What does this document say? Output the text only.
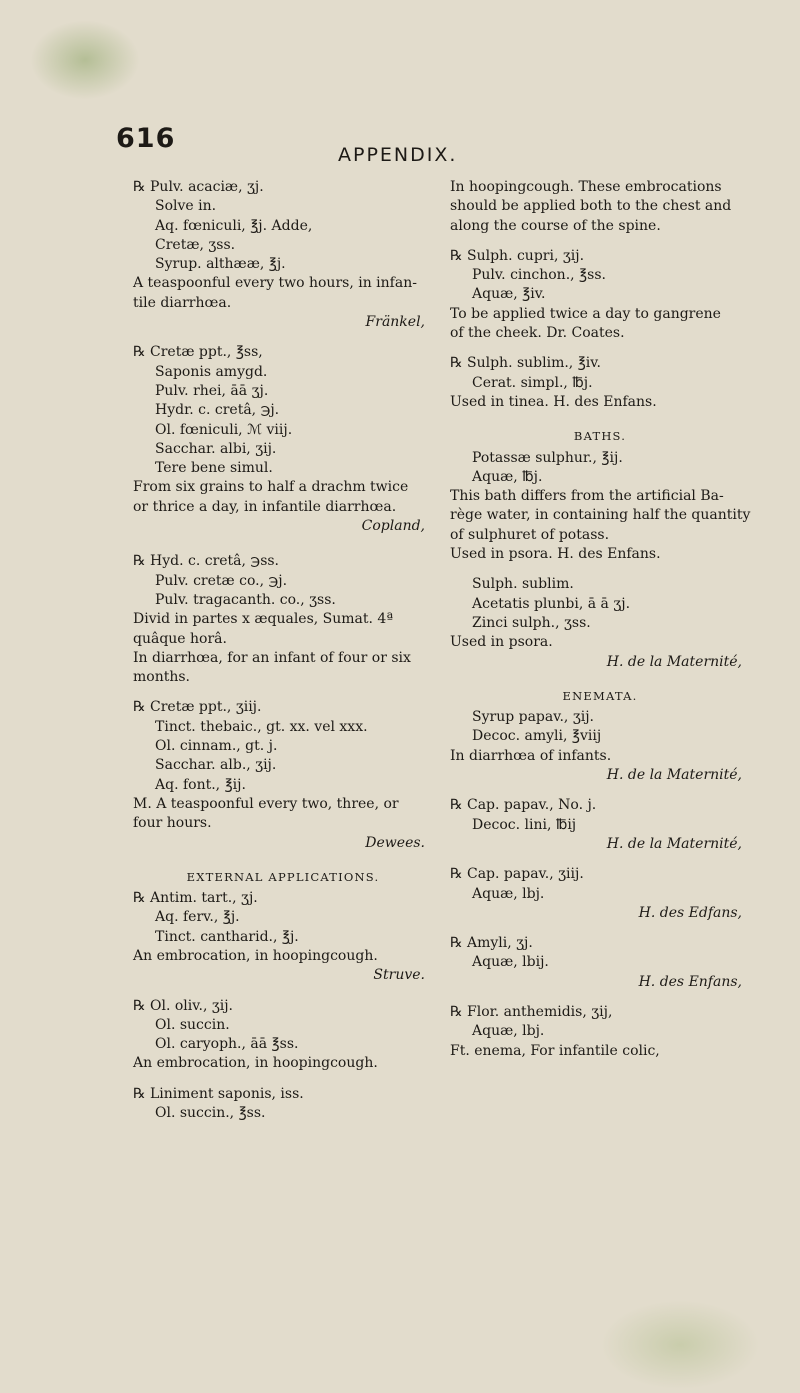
616
APPENDIX.
℞ Pulv. acaciæ, ʒj.
Solve in.
Aq. fœniculi, ℥j. Adde,
Cretæ, ʒss.
Syrup. althææ, ℥j.
A teaspoonful every two hours, in infan-
tile diarrhœa.
Fränkel,
℞ Cretæ ppt., ℥ss,
Saponis amygd.
Pulv. rhei, āā ʒj.
Hydr. c. cretâ, ℈j.
Ol. fœniculi, ℳ viij.
Sacchar. albi, ʒij.
Tere bene simul.
From six grains to half a drachm twice
or thrice a day, in infantile diarrhœa.
Copland,
℞ Hyd. c. cretâ, ℈ss.
Pulv. cretæ co., ℈j.
Pulv. tragacanth. co., ʒss.
Divid in partes x æquales, Sumat. 4ª
quâque horâ.
In diarrhœa, for an infant of four or six
months.
℞ Cretæ ppt., ʒiij.
Tinct. thebaic., gt. xx. vel xxx.
Ol. cinnam., gt. j.
Sacchar. alb., ʒij.
Aq. font., ℥ij.
M. A teaspoonful every two, three, or
four hours.
Dewees.
EXTERNAL APPLICATIONS.
℞ Antim. tart., ʒj.
Aq. ferv., ℥j.
Tinct. cantharid., ℥j.
An embrocation, in hoopingcough.
Struve.
℞ Ol. oliv., ʒij.
Ol. succin.
Ol. caryoph., āā ℥ss.
An embrocation, in hoopingcough.
℞ Liniment saponis, iss.
Ol. succin., ℥ss.
In hoopingcough. These embrocations
should be applied both to the chest and
along the course of the spine.
℞ Sulph. cupri, ʒij.
Pulv. cinchon., ℥ss.
Aquæ, ℥iv.
To be applied twice a day to gangrene
of the cheek. Dr. Coates.
℞ Sulph. sublim., ℥iv.
Cerat. simpl., ℔j.
Used in tinea. H. des Enfans.
BATHS.
Potassæ sulphur., ℥ij.
Aquæ, ℔j.
This bath differs from the artificial Ba-
rège water, in containing half the quantity
of sulphuret of potass.
Used in psora. H. des Enfans.
Sulph. sublim.
Acetatis plunbi, ā ā ʒj.
Zinci sulph., ʒss.
Used in psora.
H. de la Maternité,
ENEMATA.
Syrup papav., ʒij.
Decoc. amyli, ℥viij
In diarrhœa of infants.
H. de la Maternité,
℞ Cap. papav., No. j.
Decoc. lini, ℔ij
H. de la Maternité,
℞ Cap. papav., ʒiij.
Aquæ, lbj.
H. des Edfans,
℞ Amyli, ʒj.
Aquæ, lbij.
H. des Enfans,
℞ Flor. anthemidis, ʒij,
Aquæ, lbj.
Ft. enema, For infantile colic,
